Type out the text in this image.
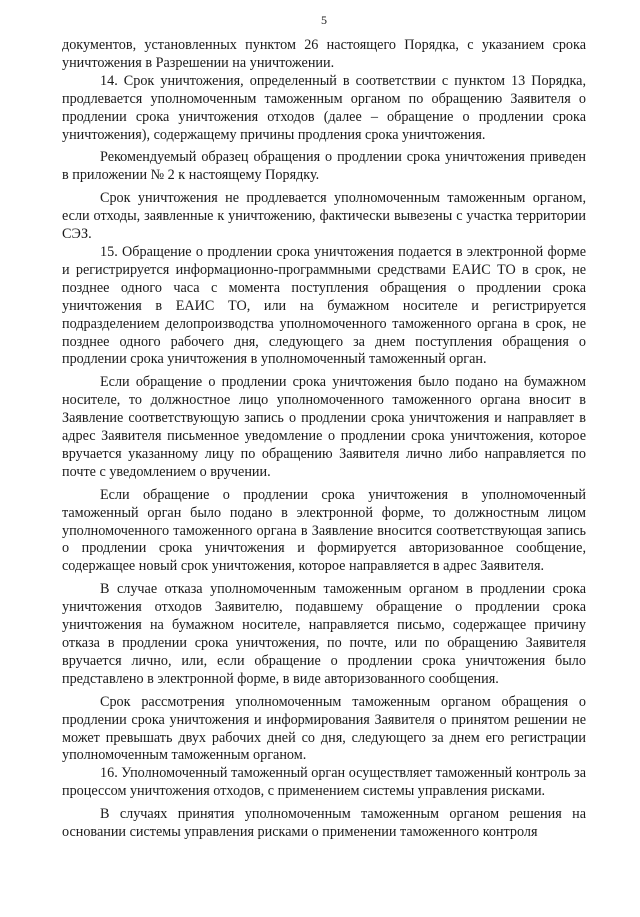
5

документов, установленных пунктом 26 настоящего Порядка, с указанием срока уничтожения в Разрешении на уничтожении.

14. Срок уничтожения, определенный в соответствии с пунктом 13 Порядка, продлевается уполномоченным таможенным органом по обращению Заявителя о продлении срока уничтожения отходов (далее – обращение о продлении срока уничтожения), содержащему причины продления срока уничтожения.

Рекомендуемый образец обращения о продлении срока уничтожения приведен в приложении № 2 к настоящему Порядку.

Срок уничтожения не продлевается уполномоченным таможенным органом, если отходы, заявленные к уничтожению, фактически вывезены с участка территории СЭЗ.

15. Обращение о продлении срока уничтожения подается в электронной форме и регистрируется информационно-программными средствами ЕАИС ТО в срок, не позднее одного часа с момента поступления обращения о продлении срока уничтожения в ЕАИС ТО, или на бумажном носителе и регистрируется подразделением делопроизводства уполномоченного таможенного органа в срок, не позднее одного рабочего дня, следующего за днем поступления обращения о продлении срока уничтожения в уполномоченный таможенный орган.

Если обращение о продлении срока уничтожения было подано на бумажном носителе, то должностное лицо уполномоченного таможенного органа вносит в Заявление соответствующую запись о продлении срока уничтожения и направляет в адрес Заявителя письменное уведомление о продлении срока уничтожения, которое вручается указанному лицу по обращению Заявителя лично либо направляется по почте с уведомлением о вручении.

Если обращение о продлении срока уничтожения в уполномоченный таможенный орган было подано в электронной форме, то должностным лицом уполномоченного таможенного органа в Заявление вносится соответствующая запись о продлении срока уничтожения и формируется авторизованное сообщение, содержащее новый срок уничтожения, которое направляется в адрес Заявителя.

В случае отказа уполномоченным таможенным органом в продлении срока уничтожения отходов Заявителю, подавшему обращение о продлении срока уничтожения на бумажном носителе, направляется письмо, содержащее причину отказа в продлении срока уничтожения, по почте, или по обращению Заявителя вручается лично, или, если обращение о продлении срока уничтожения было представлено в электронной форме, в виде авторизованного сообщения.

Срок рассмотрения уполномоченным таможенным органом обращения о продлении срока уничтожения и информирования Заявителя о принятом решении не может превышать двух рабочих дней со дня, следующего за днем его регистрации уполномоченным таможенным органом.

16. Уполномоченный таможенный орган осуществляет таможенный контроль за процессом уничтожения отходов, с применением системы управления рисками.

В случаях принятия уполномоченным таможенным органом решения на основании системы управления рисками о применении таможенного контроля
